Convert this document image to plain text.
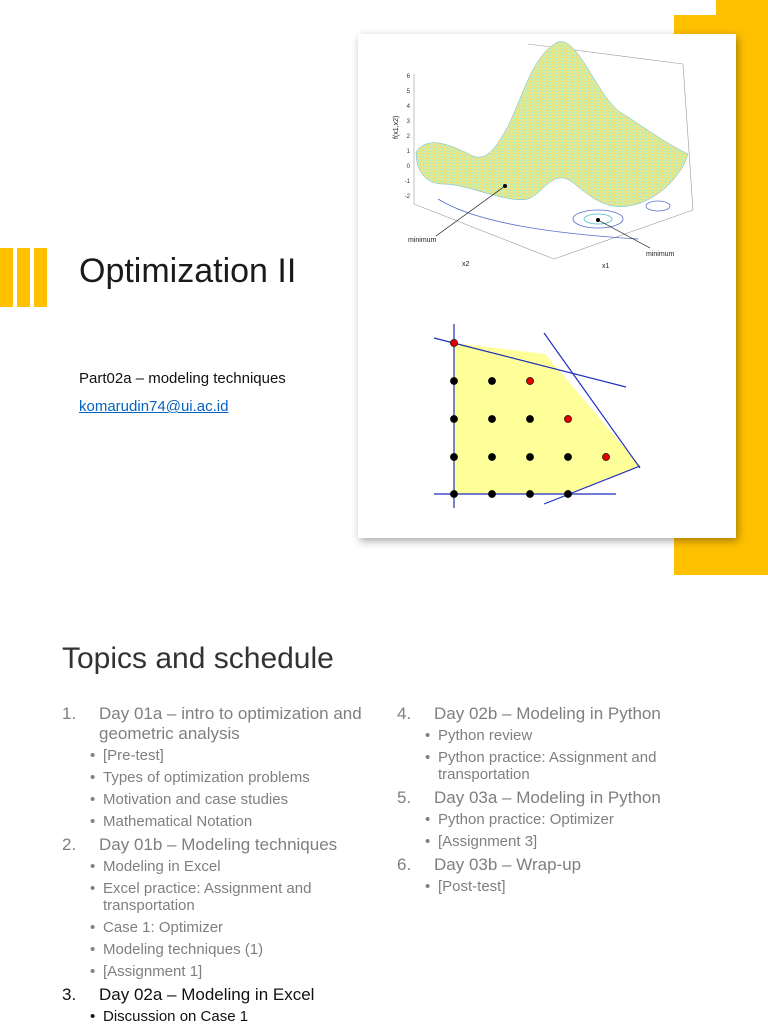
Optimization II
Part02a – modeling techniques
komarudin74@ui.ac.id
minimum
minimum
f(x1,x2)
x2	x1
6
5
4
3
2
1
0
-1
-2
Topics and schedule
1. Day 01a – intro to optimization and geometric analysis
• [Pre-test]
• Types of optimization problems
• Motivation and case studies
• Mathematical Notation
2. Day 01b – Modeling techniques
• Modeling in Excel
• Excel practice: Assignment and transportation
• Case 1: Optimizer
• Modeling techniques (1)
• [Assignment 1]
3. Day 02a – Modeling in Excel
• Discussion on Case 1
4. Day 02b – Modeling in Python
• Python review
• Python practice: Assignment and transportation
5. Day 03a – Modeling in Python
• Python practice: Optimizer
• [Assignment 3]
6. Day 03b – Wrap-up
• [Post-test]
